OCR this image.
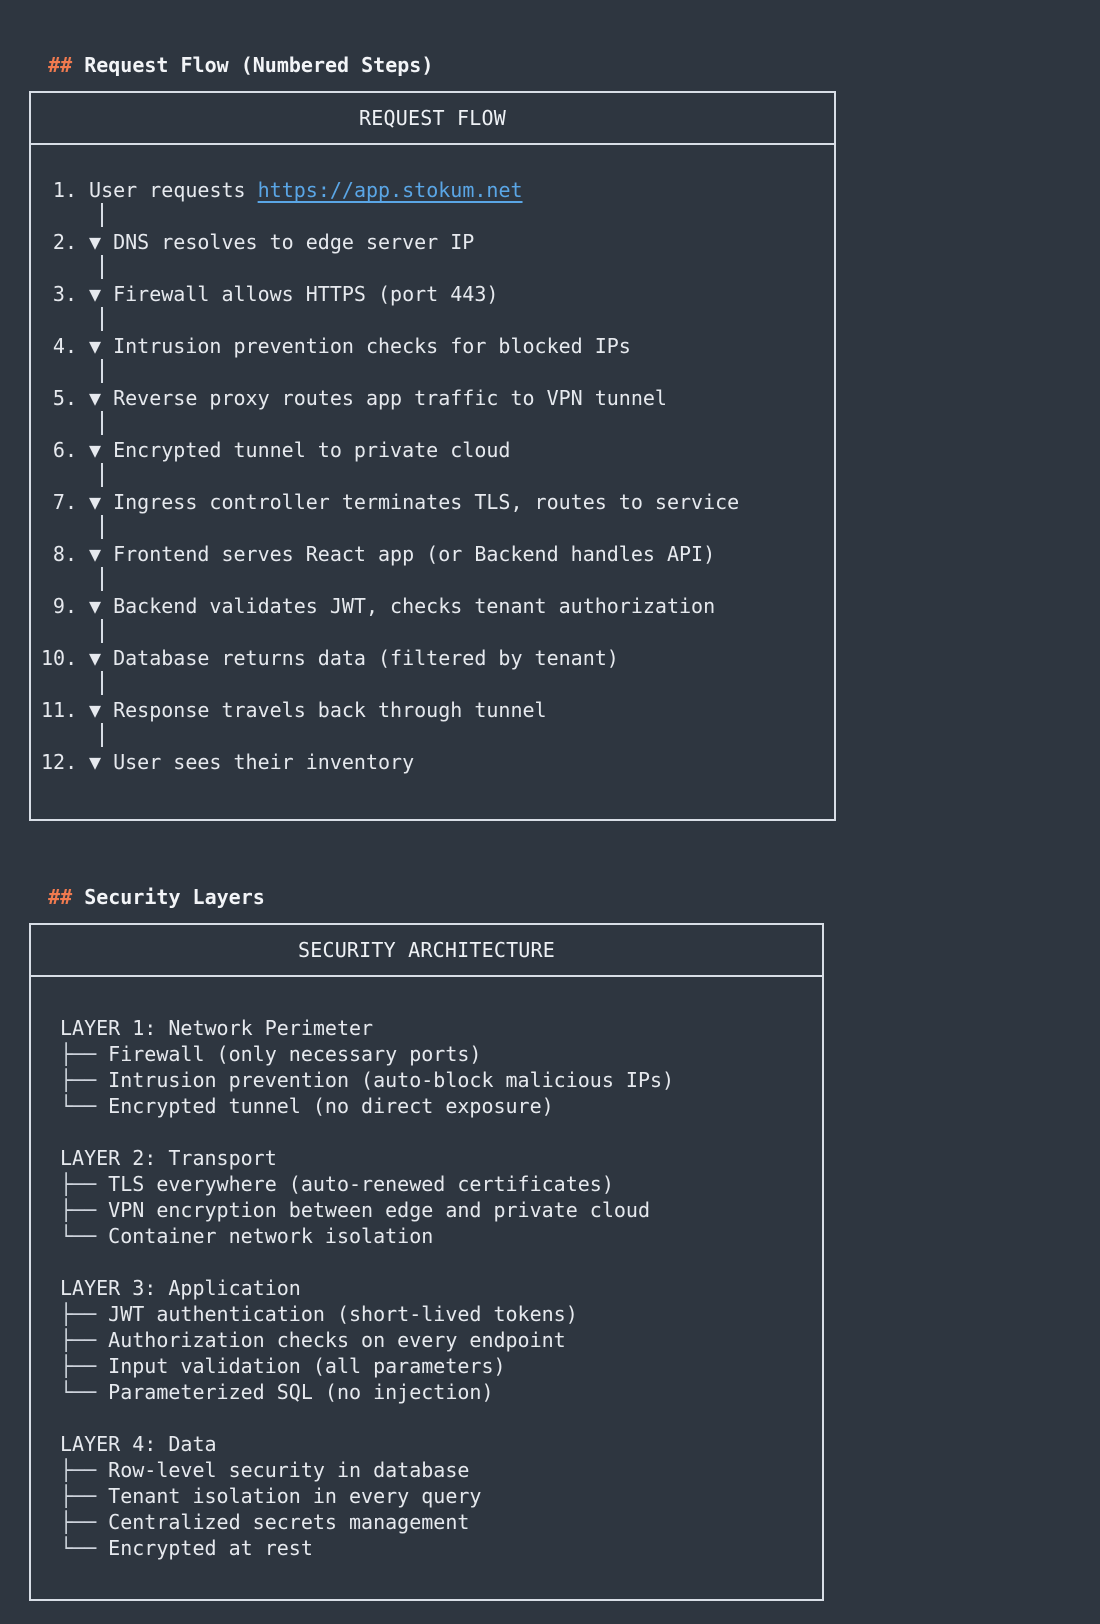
## Request Flow (Numbered Steps)

REQUEST FLOW
1. User requests https://app.stokum.net
2. ▼ DNS resolves to edge server IP
3. ▼ Firewall allows HTTPS (port 443)
4. ▼ Intrusion prevention checks for blocked IPs
5. ▼ Reverse proxy routes app traffic to VPN tunnel
6. ▼ Encrypted tunnel to private cloud
7. ▼ Ingress controller terminates TLS, routes to service
8. ▼ Frontend serves React app (or Backend handles API)
9. ▼ Backend validates JWT, checks tenant authorization
10. ▼ Database returns data (filtered by tenant)
11. ▼ Response travels back through tunnel
12. ▼ User sees their inventory

## Security Layers

SECURITY ARCHITECTURE
LAYER 1: Network Perimeter
├── Firewall (only necessary ports)
├── Intrusion prevention (auto-block malicious IPs)
└── Encrypted tunnel (no direct exposure)
LAYER 2: Transport
├── TLS everywhere (auto-renewed certificates)
├── VPN encryption between edge and private cloud
└── Container network isolation
LAYER 3: Application
├── JWT authentication (short-lived tokens)
├── Authorization checks on every endpoint
├── Input validation (all parameters)
└── Parameterized SQL (no injection)
LAYER 4: Data
├── Row-level security in database
├── Tenant isolation in every query
├── Centralized secrets management
└── Encrypted at rest
